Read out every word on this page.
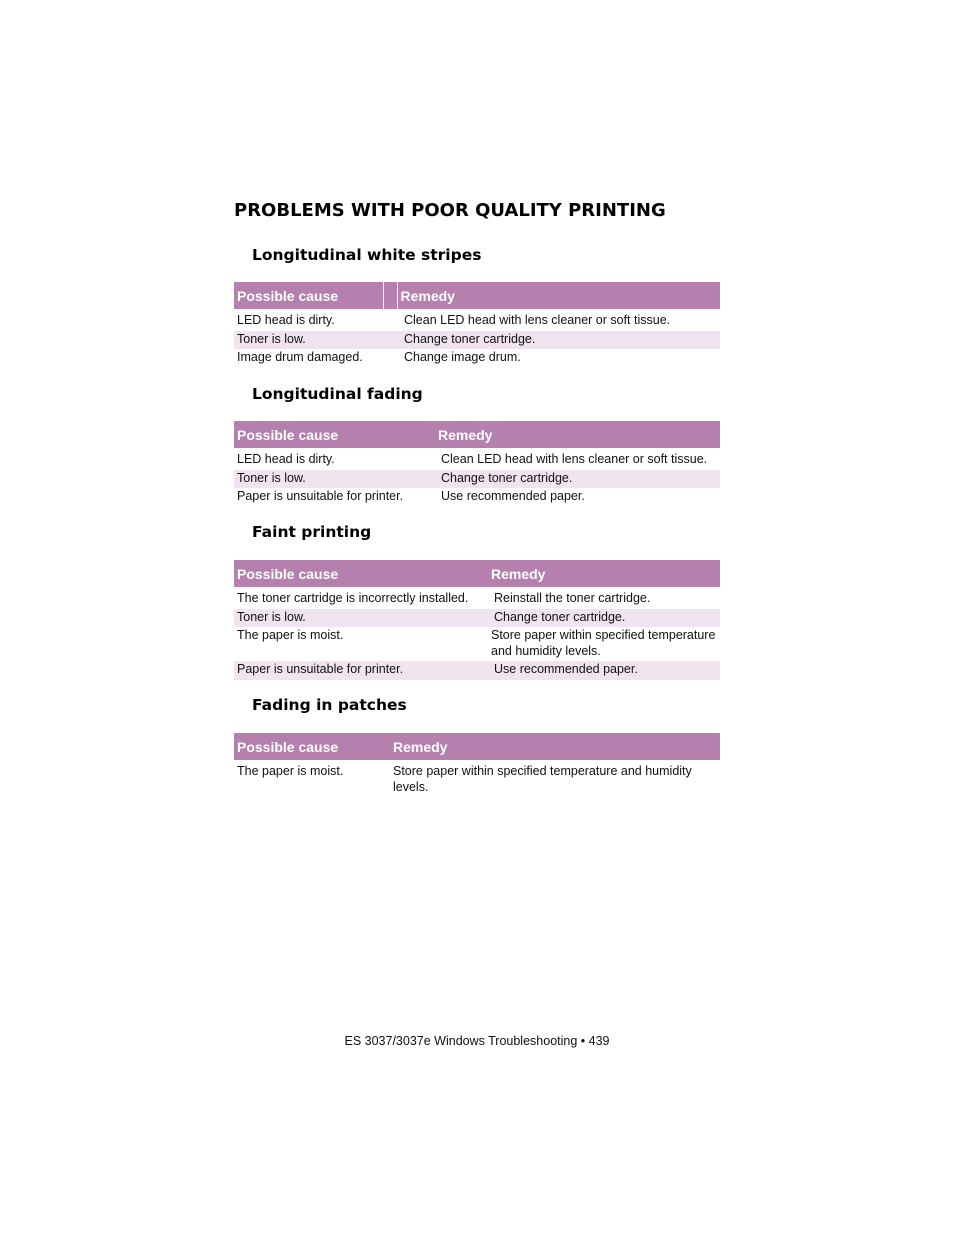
PROBLEMS WITH POOR QUALITY PRINTING
Longitudinal white stripes
Possible cause		Remedy

LED head is dirty.		Clean LED head with lens cleaner or soft tissue.
Toner is low.		Change toner cartridge.
Image drum damaged.		Change image drum.
Longitudinal fading
Possible cause	Remedy

LED head is dirty.	Clean LED head with lens cleaner or soft tissue.
Toner is low.	Change toner cartridge.
Paper is unsuitable for printer.	Use recommended paper.
Faint printing
Possible cause	Remedy

The toner cartridge is incorrectly installed.	Reinstall the toner cartridge.
Toner is low.	Change toner cartridge.
The paper is moist.	Store paper within specified temperature and humidity levels.
Paper is unsuitable for printer.	Use recommended paper.
Fading in patches
Possible cause	Remedy

The paper is moist.	Store paper within specified temperature and humidity levels.
ES 3037/3037e Windows Troubleshooting • 439
